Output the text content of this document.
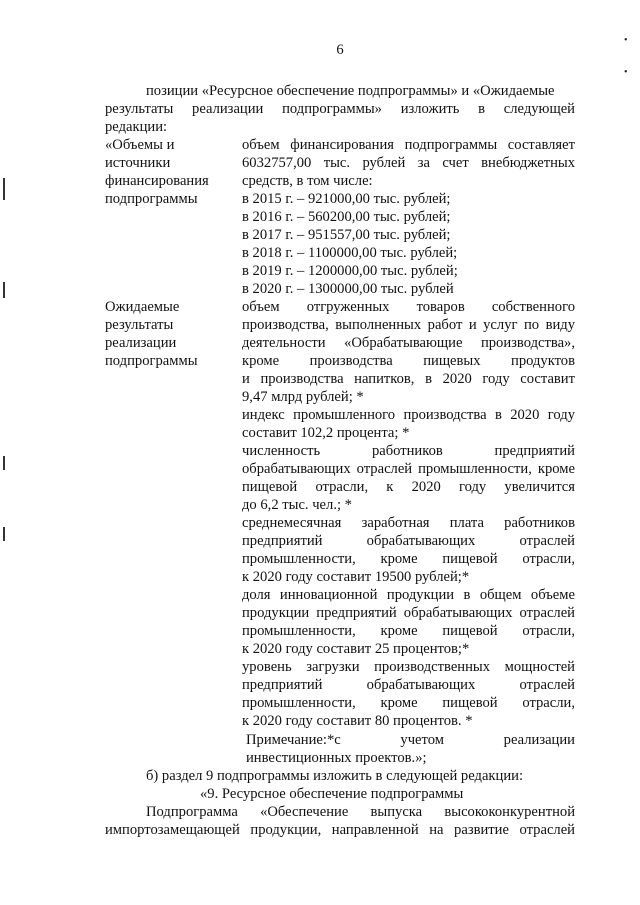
6
•
•
позиции «Ресурсное обеспечение подпрограммы» и «Ожидаемые
результаты реализации подпрограммы» изложить в следующей
редакции:
«Объемы и
источники
финансирования
подпрограммы
объем финансирования подпрограммы составляет
6032757,00 тыс. рублей за счет внебюджетных
средств, в том числе:
в 2015 г. – 921000,00 тыс. рублей;
в 2016 г. – 560200,00 тыс. рублей;
в 2017 г. – 951557,00 тыс. рублей;
в 2018 г. – 1100000,00 тыс. рублей;
в 2019 г. – 1200000,00 тыс. рублей;
в 2020 г. – 1300000,00 тыс. рублей
Ожидаемые
результаты
реализации
подпрограммы
объем отгруженных товаров собственного
производства, выполненных работ и услуг по виду
деятельности «Обрабатывающие производства»,
кроме производства пищевых продуктов
и производства напитков, в 2020 году составит
9,47 млрд рублей; *
индекс промышленного производства в 2020 году
составит 102,2 процента; *
численность работников предприятий
обрабатывающих отраслей промышленности, кроме
пищевой отрасли, к 2020 году увеличится
до 6,2 тыс. чел.; *
среднемесячная заработная плата работников
предприятий обрабатывающих отраслей
промышленности, кроме пищевой отрасли,
к 2020 году составит 19500 рублей;*
доля инновационной продукции в общем объеме
продукции предприятий обрабатывающих отраслей
промышленности, кроме пищевой отрасли,
к 2020 году составит 25 процентов;*
уровень загрузки производственных мощностей
предприятий обрабатывающих отраслей
промышленности, кроме пищевой отрасли,
к 2020 году составит 80 процентов. *
Примечание:*с учетом реализации
инвестиционных проектов.»;
б) раздел 9 подпрограммы изложить в следующей редакции:
«9. Ресурсное обеспечение подпрограммы
Подпрограмма «Обеспечение выпуска высококонкурентной
импортозамещающей продукции, направленной на развитие отраслей
